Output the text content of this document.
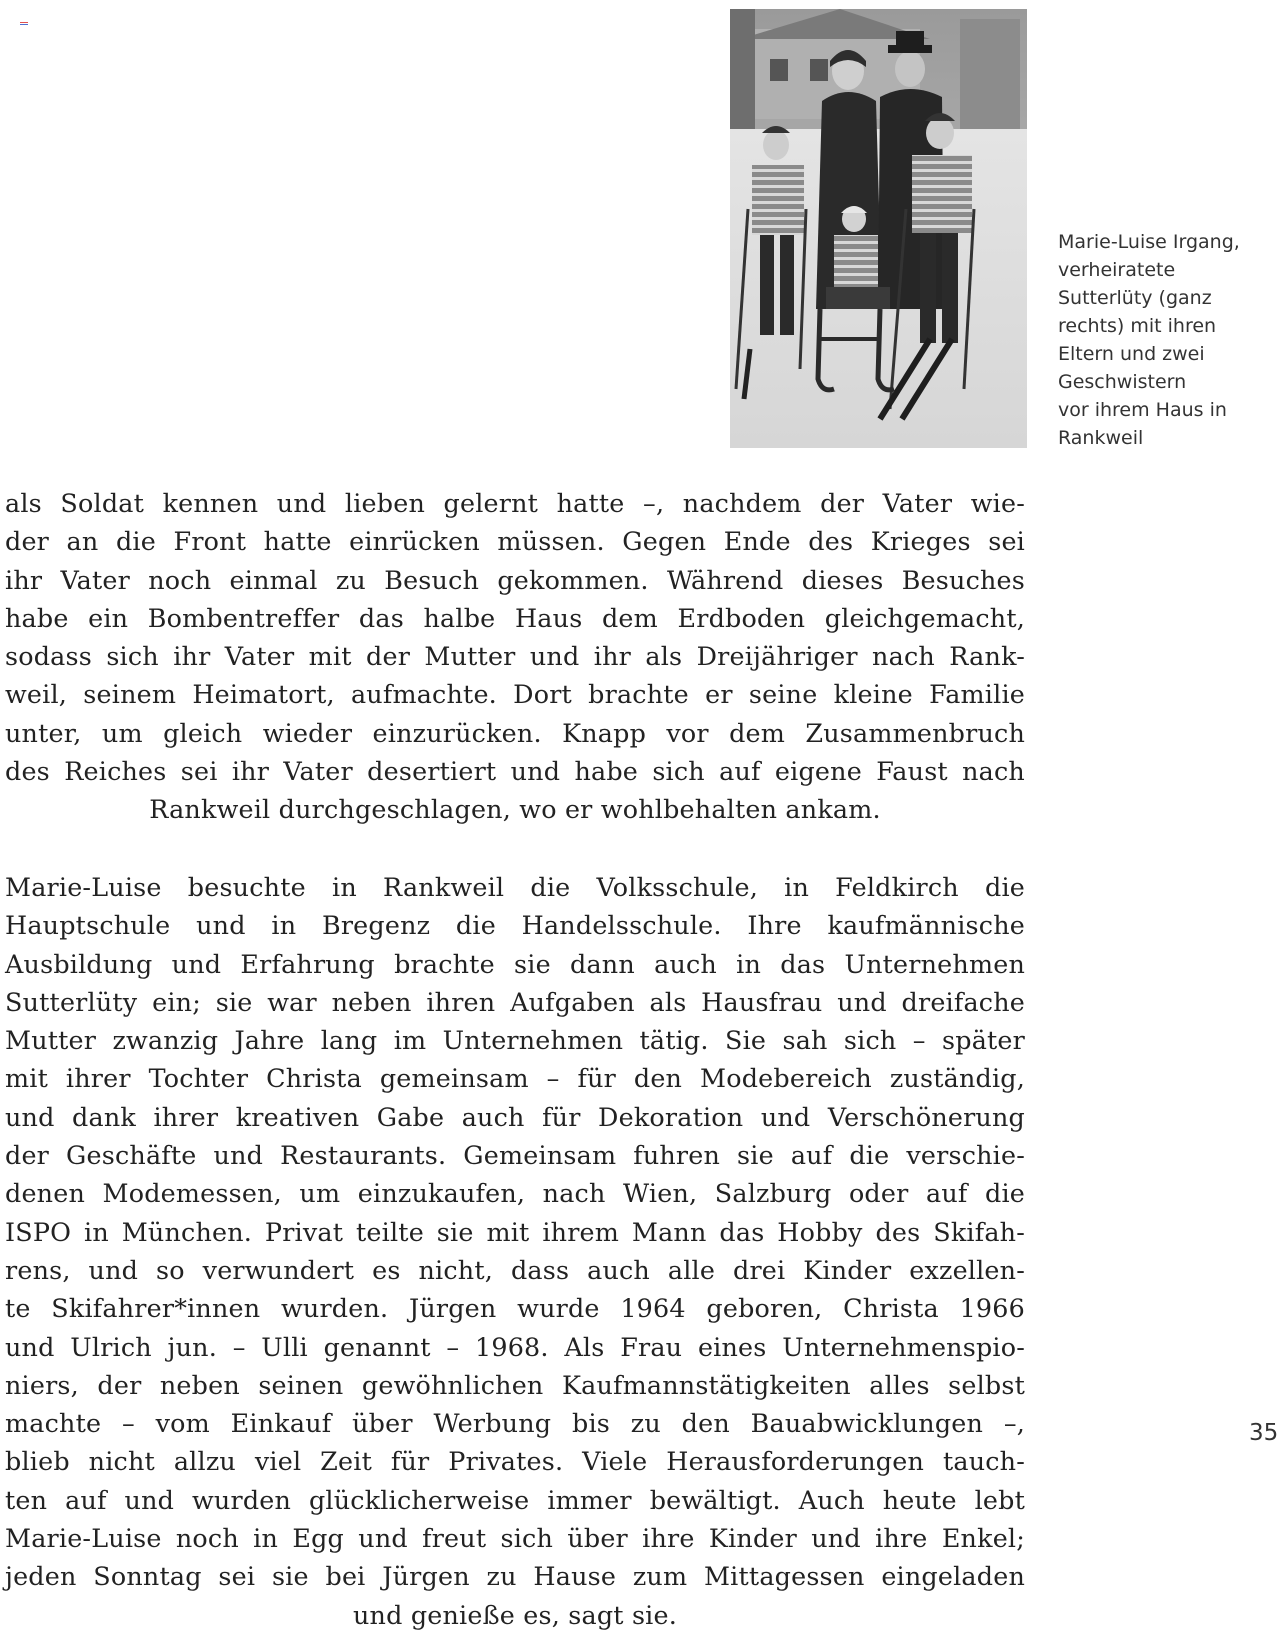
Marie-Luise Irgang,
verheiratete
Sutterlüty (ganz
rechts) mit ihren
Eltern und zwei
Geschwistern
vor ihrem Haus in
Rankweil
als Soldat kennen und lieben gelernt hatte –, nachdem der Vater wie-
der an die Front hatte einrücken müssen. Gegen Ende des Krieges sei
ihr Vater noch einmal zu Besuch gekommen. Während dieses Besuches
habe ein Bombentreffer das halbe Haus dem Erdboden gleichgemacht,
sodass sich ihr Vater mit der Mutter und ihr als Dreijähriger nach Rank-
weil, seinem Heimatort, aufmachte. Dort brachte er seine kleine Familie
unter, um gleich wieder einzurücken. Knapp vor dem Zusammenbruch
des Reiches sei ihr Vater desertiert und habe sich auf eigene Faust nach
Rankweil durchgeschlagen, wo er wohlbehalten ankam.
Marie-Luise besuchte in Rankweil die Volksschule, in Feldkirch die
Hauptschule und in Bregenz die Handelsschule. Ihre kaufmännische
Ausbildung und Erfahrung brachte sie dann auch in das Unternehmen
Sutterlüty ein; sie war neben ihren Aufgaben als Hausfrau und dreifache
Mutter zwanzig Jahre lang im Unternehmen tätig. Sie sah sich – später
mit ihrer Tochter Christa gemeinsam – für den Modebereich zuständig,
und dank ihrer kreativen Gabe auch für Dekoration und Verschönerung
der Geschäfte und Restaurants. Gemeinsam fuhren sie auf die verschie-
denen Modemessen, um einzukaufen, nach Wien, Salzburg oder auf die
ISPO in München. Privat teilte sie mit ihrem Mann das Hobby des Skifah-
rens, und so verwundert es nicht, dass auch alle drei Kinder exzellen-
te Skifahrer*innen wurden. Jürgen wurde 1964 geboren, Christa 1966
und Ulrich jun. – Ulli genannt – 1968. Als Frau eines Unternehmenspio-
niers, der neben seinen gewöhnlichen Kaufmannstätigkeiten alles selbst
machte – vom Einkauf über Werbung bis zu den Bauabwicklungen –,
blieb nicht allzu viel Zeit für Privates. Viele Herausforderungen tauch-
ten auf und wurden glücklicherweise immer bewältigt. Auch heute lebt
Marie-Luise noch in Egg und freut sich über ihre Kinder und ihre Enkel;
jeden Sonntag sei sie bei Jürgen zu Hause zum Mittagessen eingeladen
und genieße es, sagt sie.
35
